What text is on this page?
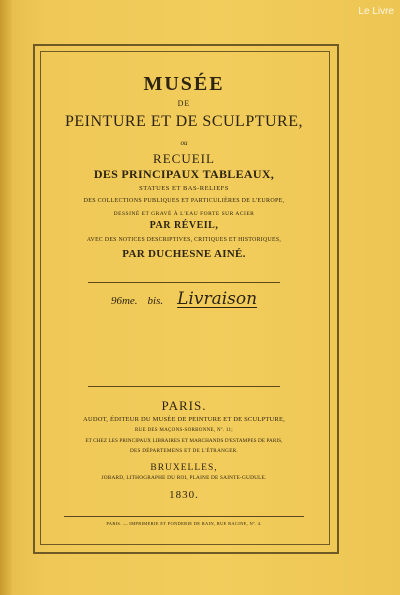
Le Livre
MUSÉE
DE
PEINTURE ET DE SCULPTURE,
ou
RECUEIL
DES PRINCIPAUX TABLEAUX,
STATUES ET BAS-RELIEFS
DES COLLECTIONS PUBLIQUES ET PARTICULIÈRES DE L'EUROPE,
DESSINÉ ET GRAVÉ À L'EAU FORTE SUR ACIER
PAR RÉVEIL,
AVEC DES NOTICES DESCRIPTIVES, CRITIQUES ET HISTORIQUES,
PAR DUCHESNE AINÉ.
96me. bis. Livraison
PARIS.
AUDOT, ÉDITEUR DU MUSÉE DE PEINTURE ET DE SCULPTURE,
RUE DES MAÇONS-SORBONNE, Nº. 11;
ET CHEZ LES PRINCIPAUX LIBRAIRES ET MARCHANDS D'ESTAMPES DE PARIS,
DES DÉPARTEMENS ET DE L'ÉTRANGER.
BRUXELLES,
JOBARD, LITHOGRAPHE DU ROI, PLAINE DE SAINTE-GUDULE.
1830.
PARIS. — IMPRIMERIE ET FONDERIE DE RAIN, RUE RACINE, Nº. 4.
